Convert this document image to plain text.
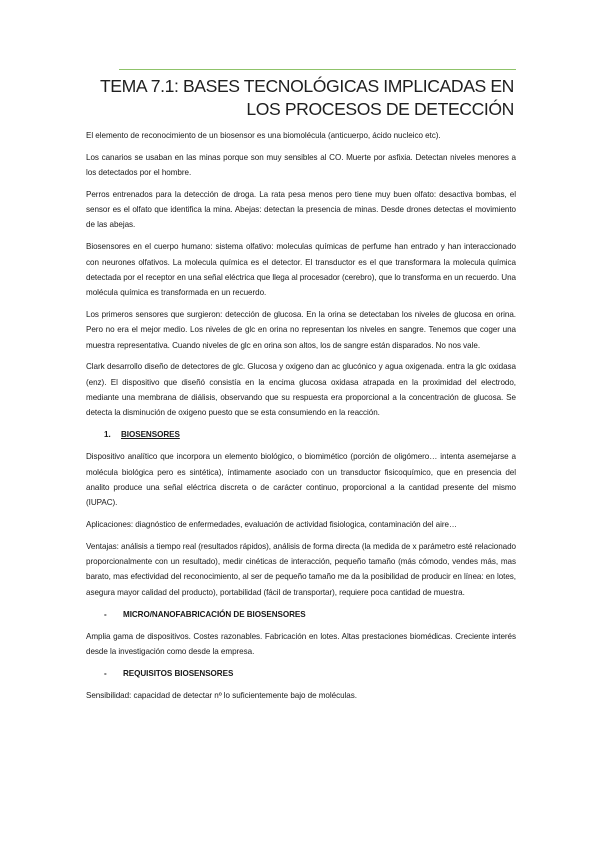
TEMA 7.1: BASES TECNOLÓGICAS IMPLICADAS EN
LOS PROCESOS DE DETECCIÓN

El elemento de reconocimiento de un biosensor es una biomolécula (anticuerpo, ácido nucleico etc).

Los canarios se usaban en las minas porque son muy sensibles al CO. Muerte por asfixia. Detectan niveles menores a los detectados por el hombre.

Perros entrenados para la detección de droga. La rata pesa menos pero tiene muy buen olfato: desactiva bombas, el sensor es el olfato que identifica la mina. Abejas: detectan la presencia de minas. Desde drones detectas el movimiento de las abejas.

Biosensores en el cuerpo humano: sistema olfativo: moleculas químicas de perfume han entrado y han interaccionado con neurones olfativos. La molecula química es el detector. El transductor es el que transformara la molecula química detectada por el receptor en una señal eléctrica que llega al procesador (cerebro), que lo transforma en un recuerdo. Una molécula química es transformada en un recuerdo.

Los primeros sensores que surgieron: detección de glucosa. En la orina se detectaban los niveles de glucosa en orina. Pero no era el mejor medio. Los niveles de glc en orina no representan los niveles en sangre. Tenemos que coger una muestra representativa. Cuando niveles de glc en orina son altos, los de sangre están disparados. No nos vale.

Clark desarrollo diseño de detectores de glc. Glucosa y oxigeno dan ac glucónico y agua oxigenada. entra la glc oxidasa (enz). El dispositivo que diseñó consistía en la encima glucosa oxidasa atrapada en la proximidad del electrodo, mediante una membrana de diálisis, observando que su respuesta era proporcional a la concentración de glucosa. Se detecta la disminución de oxigeno puesto que se esta consumiendo en la reacción.

1.	BIOSENSORES

Dispositivo analítico que incorpora un elemento biológico, o biomimético (porción de oligómero… intenta asemejarse a molécula biológica pero es sintética), íntimamente asociado con un transductor fisicoquímico, que en presencia del analito produce una señal eléctrica discreta o de carácter continuo, proporcional a la cantidad presente del mismo (IUPAC).

Aplicaciones: diagnóstico de enfermedades, evaluación de actividad fisiologica, contaminación del aire…

Ventajas: análisis a tiempo real (resultados rápidos), análisis de forma directa (la medida de x parámetro esté relacionado proporcionalmente con un resultado), medir cinéticas de interacción, pequeño tamaño (más cómodo, vendes más, mas barato, mas efectividad del reconocimiento, al ser de pequeño tamaño me da la posibilidad de producir en línea: en lotes, asegura mayor calidad del producto), portabilidad (fácil de transportar), requiere poca cantidad de muestra.

-	MICRO/NANOFABRICACIÓN DE BIOSENSORES

Amplia gama de dispositivos. Costes razonables. Fabricación en lotes. Altas prestaciones biomédicas. Creciente interés desde la investigación como desde la empresa.

-	REQUISITOS BIOSENSORES

Sensibilidad: capacidad de detectar nº lo suficientemente bajo de moléculas.
